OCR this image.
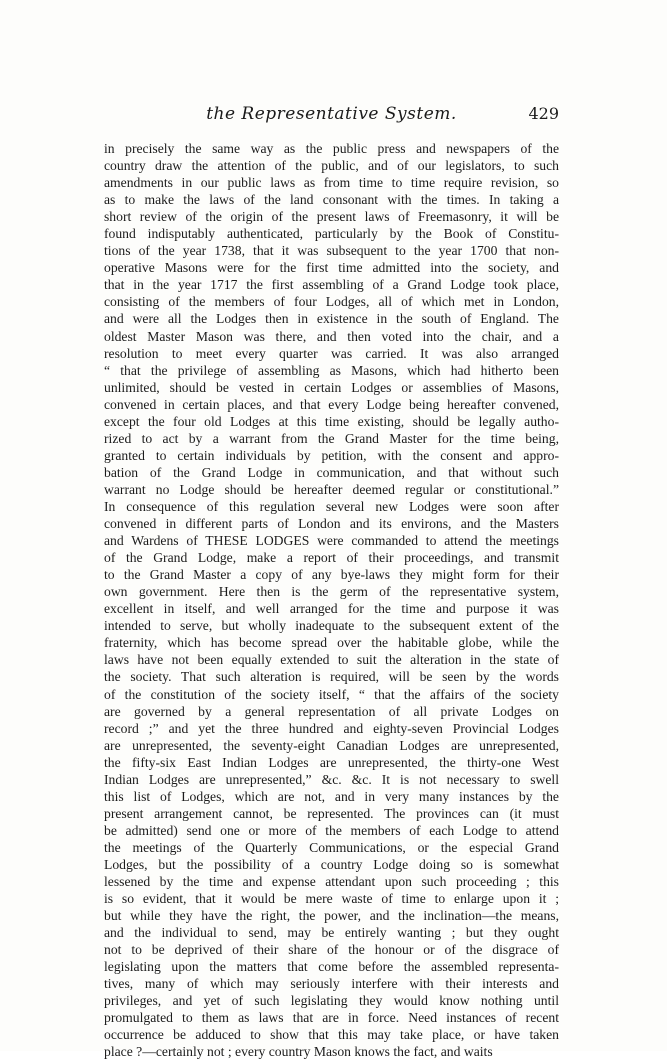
the Representative System.	429
in precisely the same way as the public press and newspapers of the
country draw the attention of the public, and of our legislators, to such
amendments in our public laws as from time to time require revision, so
as to make the laws of the land consonant with the times. In taking a
short review of the origin of the present laws of Freemasonry, it will be
found indisputably authenticated, particularly by the Book of Constitu-
tions of the year 1738, that it was subsequent to the year 1700 that non-
operative Masons were for the first time admitted into the society, and
that in the year 1717 the first assembling of a Grand Lodge took place,
consisting of the members of four Lodges, all of which met in London,
and were all the Lodges then in existence in the south of England. The
oldest Master Mason was there, and then voted into the chair, and a
resolution to meet every quarter was carried. It was also arranged
“ that the privilege of assembling as Masons, which had hitherto been
unlimited, should be vested in certain Lodges or assemblies of Masons,
convened in certain places, and that every Lodge being hereafter convened,
except the four old Lodges at this time existing, should be legally autho-
rized to act by a warrant from the Grand Master for the time being,
granted to certain individuals by petition, with the consent and appro-
bation of the Grand Lodge in communication, and that without such
warrant no Lodge should be hereafter deemed regular or constitutional.”
In consequence of this regulation several new Lodges were soon after
convened in different parts of London and its environs, and the Masters
and Wardens of THESE LODGES were commanded to attend the meetings
of the Grand Lodge, make a report of their proceedings, and transmit
to the Grand Master a copy of any bye-laws they might form for their
own government. Here then is the germ of the representative system,
excellent in itself, and well arranged for the time and purpose it was
intended to serve, but wholly inadequate to the subsequent extent of the
fraternity, which has become spread over the habitable globe, while the
laws have not been equally extended to suit the alteration in the state of
the society. That such alteration is required, will be seen by the words
of the constitution of the society itself, “ that the affairs of the society
are governed by a general representation of all private Lodges on
record ;” and yet the three hundred and eighty-seven Provincial Lodges
are unrepresented, the seventy-eight Canadian Lodges are unrepresented,
the fifty-six East Indian Lodges are unrepresented, the thirty-one West
Indian Lodges are unrepresented,” &c. &c. It is not necessary to swell
this list of Lodges, which are not, and in very many instances by the
present arrangement cannot, be represented. The provinces can (it must
be admitted) send one or more of the members of each Lodge to attend
the meetings of the Quarterly Communications, or the especial Grand
Lodges, but the possibility of a country Lodge doing so is somewhat
lessened by the time and expense attendant upon such proceeding ; this
is so evident, that it would be mere waste of time to enlarge upon it ;
but while they have the right, the power, and the inclination—the means,
and the individual to send, may be entirely wanting ; but they ought
not to be deprived of their share of the honour or of the disgrace of
legislating upon the matters that come before the assembled representa-
tives, many of which may seriously interfere with their interests and
privileges, and yet of such legislating they would know nothing until
promulgated to them as laws that are in force. Need instances of recent
occurrence be adduced to show that this may take place, or have taken
place ?—certainly not ; every country Mason knows the fact, and waits
